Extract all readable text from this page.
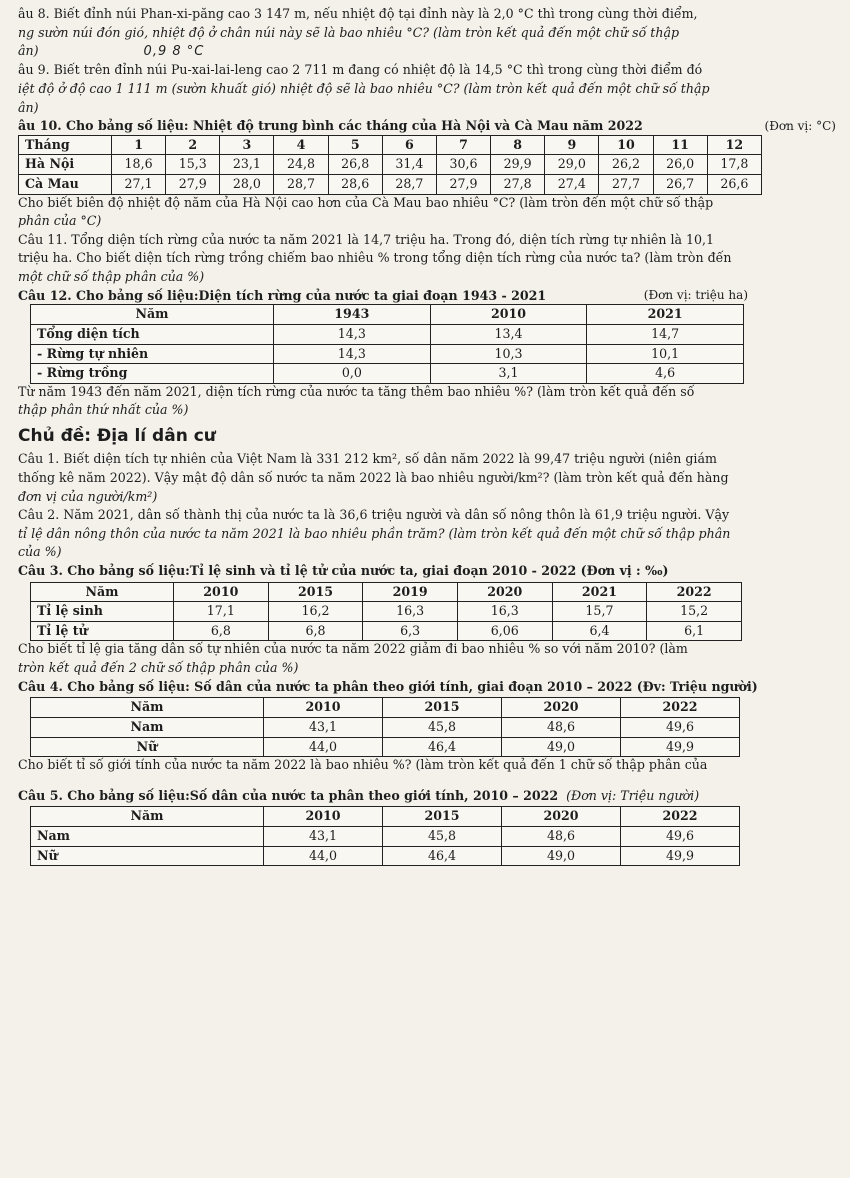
âu 8. Biết đỉnh núi Phan-xi-păng cao 3 147 m, nếu nhiệt độ tại đỉnh này là 2,0 °C thì trong cùng thời điểm,

ng sườn núi đón gió, nhiệt độ ở chân núi này sẽ là bao nhiêu °C? (làm tròn kết quả đến một chữ số thập

ân)	0,9 8 °C

âu 9. Biết trên đỉnh núi Pu-xai-lai-leng cao 2 711 m đang có nhiệt độ là 14,5 °C thì trong cùng thời điểm đó

iệt độ ở độ cao 1 111 m (sườn khuất gió) nhiệt độ sẽ là bao nhiêu °C? (làm tròn kết quả đến một chữ số thập

ân)

âu 10. Cho bảng số liệu: Nhiệt độ trung bình các tháng của Hà Nội và Cà Mau năm 2022	(Đơn vị: °C)
Tháng	1	2	3	4	5	6	7	8	9	10	11	12
Hà Nội	18,6	15,3	23,1	24,8	26,8	31,4	30,6	29,9	29,0	26,2	26,0	17,8
Cà Mau	27,1	27,9	28,0	28,7	28,6	28,7	27,9	27,8	27,4	27,7	26,7	26,6

Cho biết biên độ nhiệt độ năm của Hà Nội cao hơn của Cà Mau bao nhiêu °C? (làm tròn đến một chữ số thập

phân của °C)

Câu 11. Tổng diện tích rừng của nước ta năm 2021 là 14,7 triệu ha. Trong đó, diện tích rừng tự nhiên là 10,1

triệu ha. Cho biết diện tích rừng trồng chiếm bao nhiêu % trong tổng diện tích rừng của nước ta? (làm tròn đến

một chữ số thập phân của %)

Câu 12. Cho bảng số liệu:Diện tích rừng của nước ta giai đoạn 1943 - 2021	(Đơn vị: triệu ha)
Năm	1943	2010	2021
Tổng diện tích	14,3	13,4	14,7
- Rừng tự nhiên	14,3	10,3	10,1
- Rừng trồng	0,0	3,1	4,6

Từ năm 1943 đến năm 2021, diện tích rừng của nước ta tăng thêm bao nhiêu %? (làm tròn kết quả đến số

thập phân thứ nhất của %)

Chủ đề: Địa lí dân cư

Câu 1. Biết diện tích tự nhiên của Việt Nam là 331 212 km², số dân năm 2022 là 99,47 triệu người (niên giám

thống kê năm 2022). Vậy mật độ dân số nước ta năm 2022 là bao nhiêu người/km²? (làm tròn kết quả đến hàng

đơn vị của người/km²)

Câu 2. Năm 2021, dân số thành thị của nước ta là 36,6 triệu người và dân số nông thôn là 61,9 triệu người. Vậy

tỉ lệ dân nông thôn của nước ta năm 2021 là bao nhiêu phần trăm? (làm tròn kết quả đến một chữ số thập phân

của %)

Câu 3. Cho bảng số liệu:Tỉ lệ sinh và tỉ lệ tử của nước ta, giai đoạn 2010 - 2022 (Đơn vị : ‰)

Năm	2010	2015	2019	2020	2021	2022
Tỉ lệ sinh	17,1	16,2	16,3	16,3	15,7	15,2
Tỉ lệ tử	6,8	6,8	6,3	6,06	6,4	6,1

Cho biết tỉ lệ gia tăng dân số tự nhiên của nước ta năm 2022 giảm đi bao nhiêu % so với năm 2010? (làm

tròn kết quả đến 2 chữ số thập phân của %)

Câu 4. Cho bảng số liệu: Số dân của nước ta phân theo giới tính, giai đoạn 2010 – 2022 (Đv: Triệu người)

Năm	2010	2015	2020	2022
Nam	43,1	45,8	48,6	49,6
Nữ	44,0	46,4	49,0	49,9

Cho biết tỉ số giới tính của nước ta năm 2022 là bao nhiêu %? (làm tròn kết quả đến 1 chữ số thập phân của

Câu 5. Cho bảng số liệu:Số dân của nước ta phân theo giới tính, 2010 – 2022 (Đơn vị: Triệu người)

Năm	2010	2015	2020	2022
Nam	43,1	45,8	48,6	49,6
Nữ	44,0	46,4	49,0	49,9
